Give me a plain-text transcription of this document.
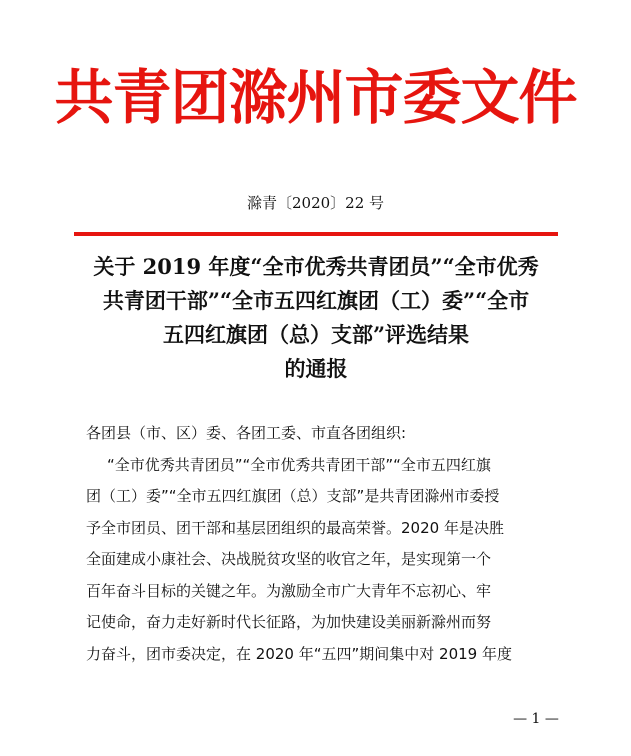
共青团滁州市委文件
滁青〔2020〕22 号
关于 2019 年度“全市优秀共青团员”“全市优秀
共青团干部”“全市五四红旗团（工）委”“全市
五四红旗团（总）支部”评选结果
的通报
各团县（市、区）委、各团工委、市直各团组织:
“全市优秀共青团员”“全市优秀共青团干部”“全市五四红旗
团（工）委”“全市五四红旗团（总）支部”是共青团滁州市委授
予全市团员、团干部和基层团组织的最高荣誉。2020 年是决胜
全面建成小康社会、决战脱贫攻坚的收官之年，是实现第一个
百年奋斗目标的关键之年。为激励全市广大青年不忘初心、牢
记使命，奋力走好新时代长征路，为加快建设美丽新滁州而努
力奋斗，团市委决定，在 2020 年“五四”期间集中对 2019 年度
— 1 —
